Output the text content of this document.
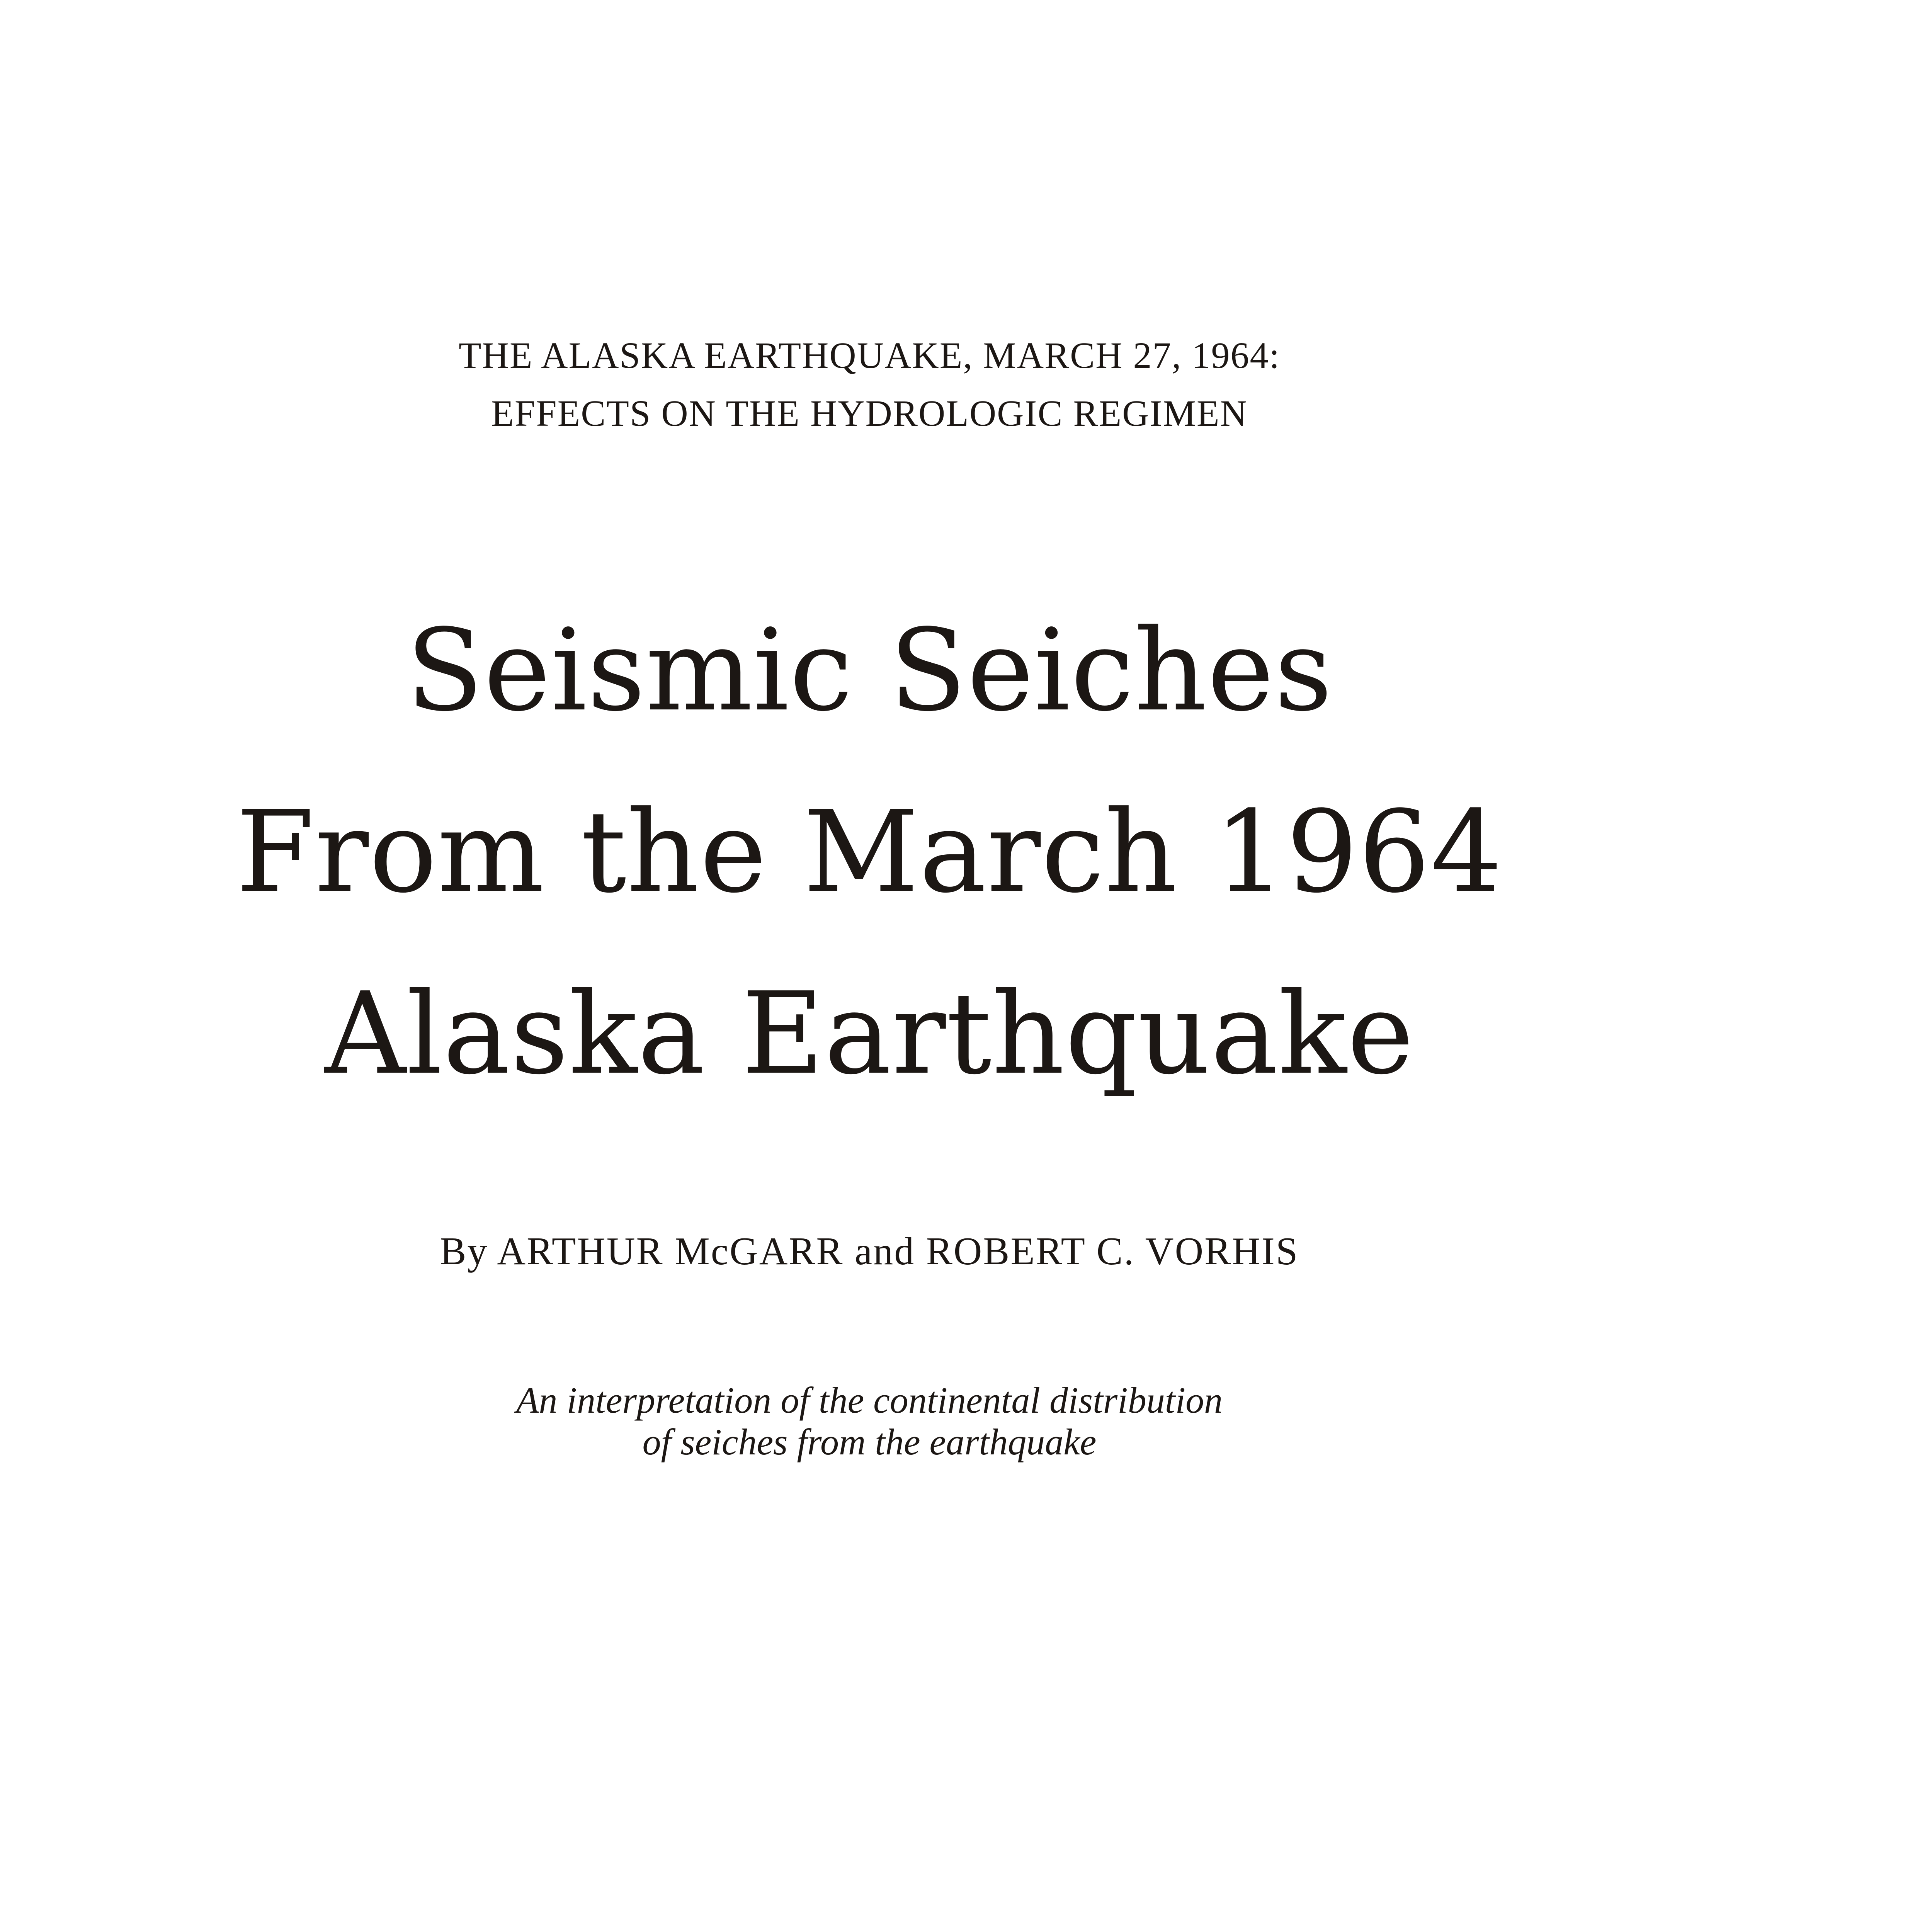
THE ALASKA EARTHQUAKE, MARCH 27, 1964:
EFFECTS ON THE HYDROLOGIC REGIMEN
Seismic Seiches
From the March 1964
Alaska Earthquake
By ARTHUR McGARR and ROBERT C. VORHIS
An interpretation of the continental distribution
of seiches from the earthquake
